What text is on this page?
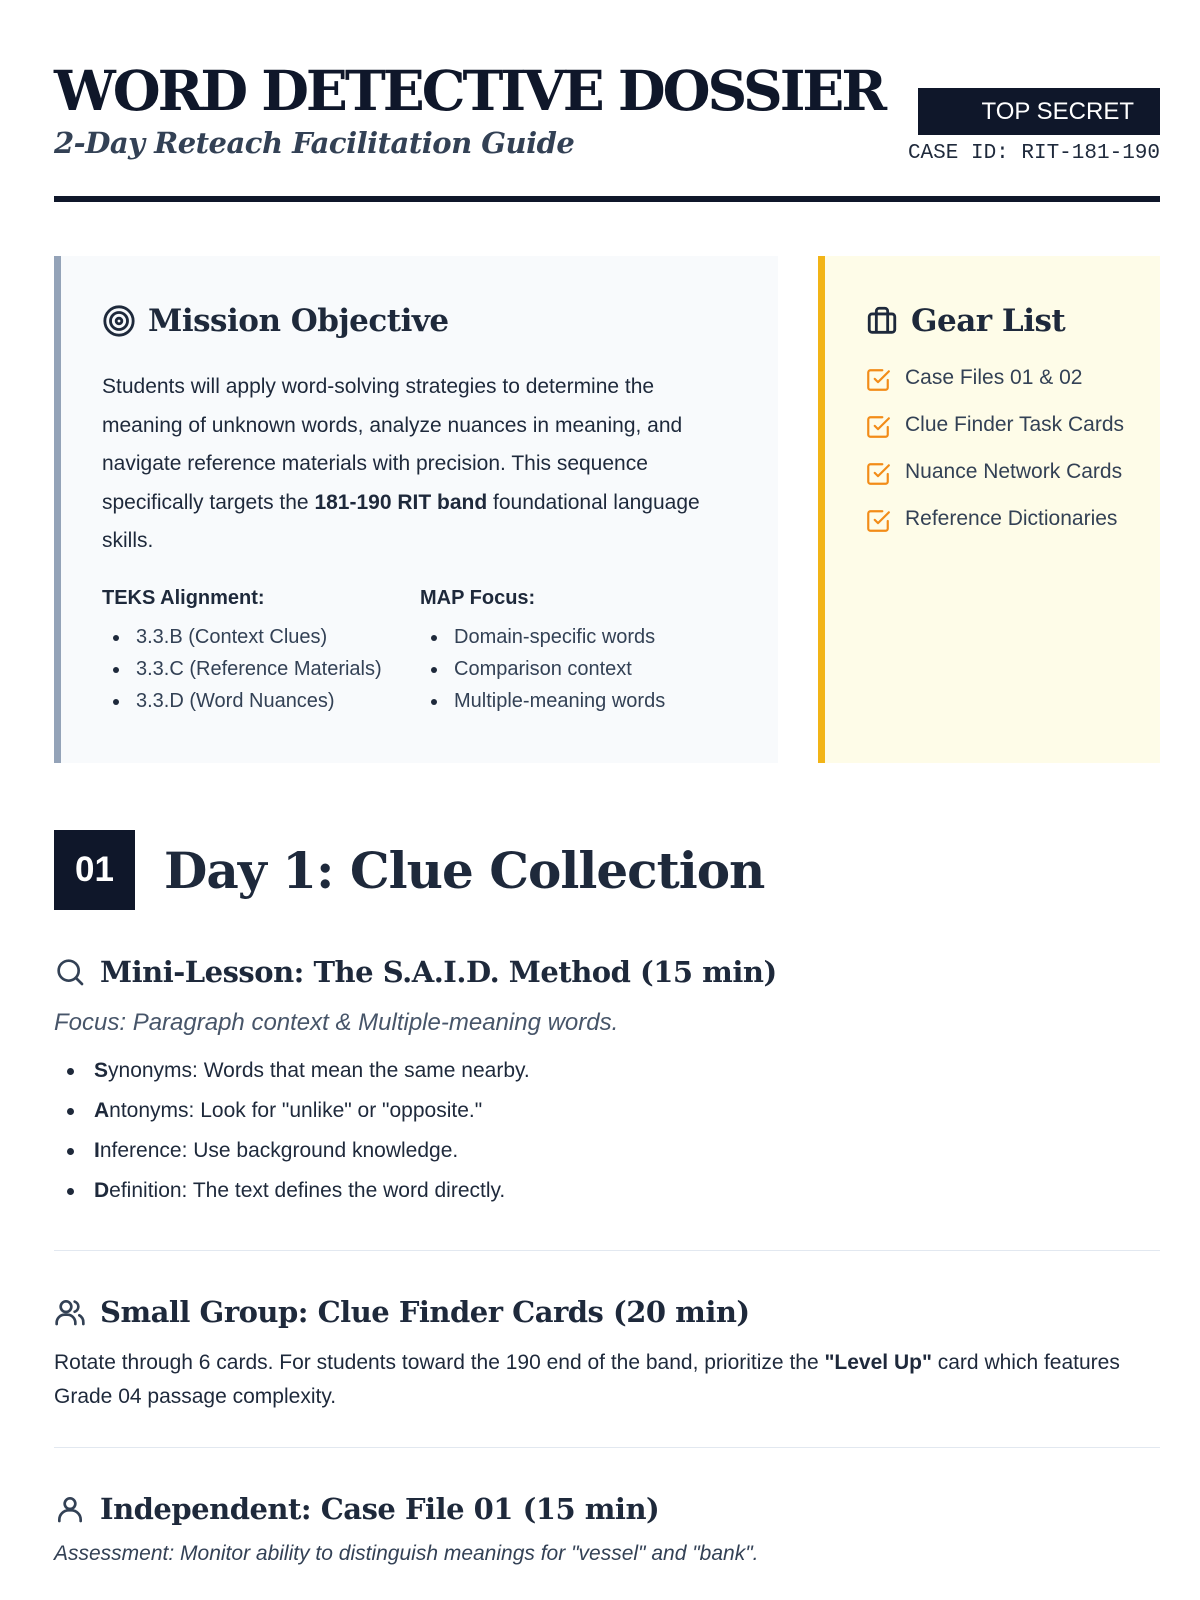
WORD DETECTIVE DOSSIER
2-Day Reteach Facilitation Guide
TOP SECRET
CASE ID: RIT-181-190
Mission Objective

Students will apply word-solving strategies to determine the meaning of unknown words, analyze nuances in meaning, and navigate reference materials with precision. This sequence specifically targets the 181-190 RIT band foundational language skills.

TEKS Alignment:
3.3.B (Context Clues)
3.3.C (Reference Materials)
3.3.D (Word Nuances)
MAP Focus:
Domain-specific words
Comparison context
Multiple-meaning words
Gear List
Case Files 01 & 02
Clue Finder Task Cards
Nuance Network Cards
Reference Dictionaries
01	Day 1: Clue Collection
Mini-Lesson: The S.A.I.D. Method (15 min)

Focus: Paragraph context & Multiple-meaning words.

Synonyms: Words that mean the same nearby.
Antonyms: Look for "unlike" or "opposite."
Inference: Use background knowledge.
Definition: The text defines the word directly.
Small Group: Clue Finder Cards (20 min)

Rotate through 6 cards. For students toward the 190 end of the band, prioritize the "Level Up" card which features Grade 04 passage complexity.

Independent: Case File 01 (15 min)

Assessment: Monitor ability to distinguish meanings for "vessel" and "bank".
